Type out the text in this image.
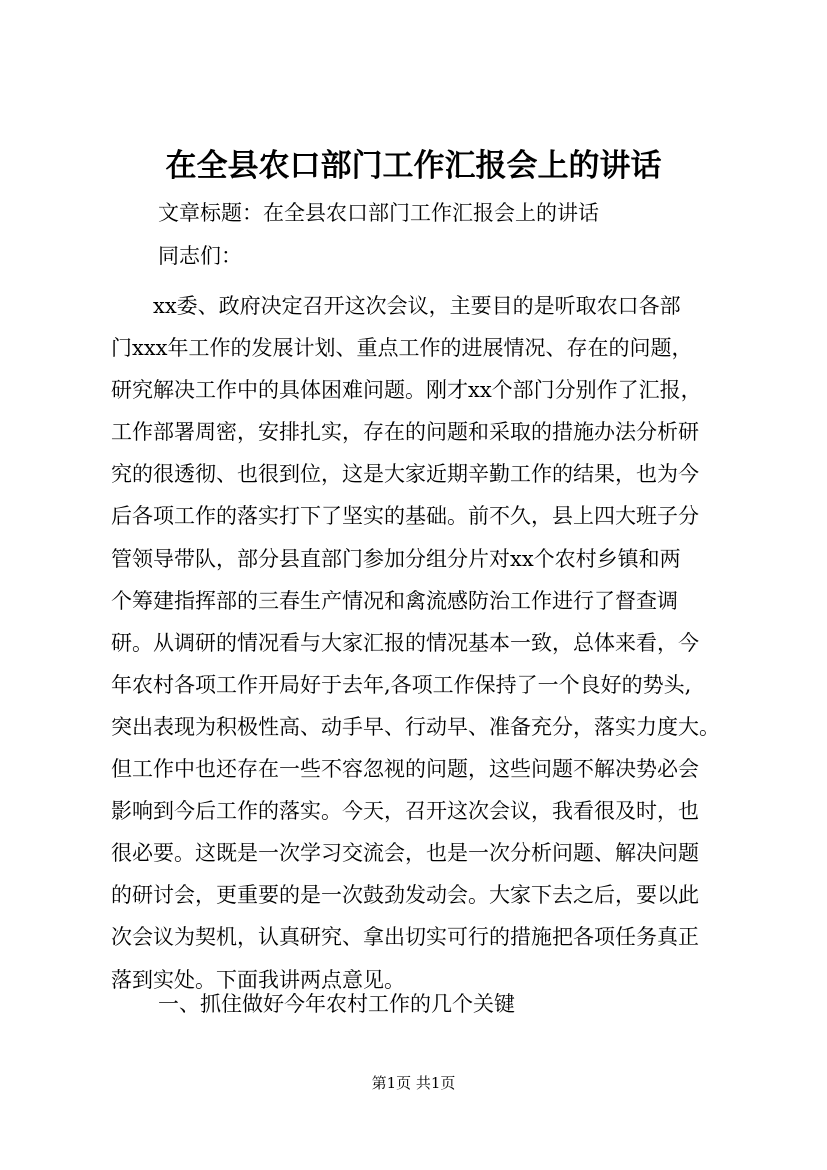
在全县农口部门工作汇报会上的讲话
文章标题：在全县农口部门工作汇报会上的讲话
同志们：
xx委、政府决定召开这次会议，主要目的是听取农口各部
门xxx年工作的发展计划、重点工作的进展情况、存在的问题，
研究解决工作中的具体困难问题。刚才xx个部门分别作了汇报，
工作部署周密，安排扎实，存在的问题和采取的措施办法分析研
究的很透彻、也很到位，这是大家近期辛勤工作的结果，也为今
后各项工作的落实打下了坚实的基础。前不久，县上四大班子分
管领导带队，部分县直部门参加分组分片对xx个农村乡镇和两
个筹建指挥部的三春生产情况和禽流感防治工作进行了督查调
研。从调研的情况看与大家汇报的情况基本一致，总体来看，今
年农村各项工作开局好于去年,各项工作保持了一个良好的势头,
突出表现为积极性高、动手早、行动早、准备充分，落实力度大。
但工作中也还存在一些不容忽视的问题，这些问题不解决势必会
影响到今后工作的落实。今天，召开这次会议，我看很及时，也
很必要。这既是一次学习交流会，也是一次分析问题、解决问题
的研讨会，更重要的是一次鼓劲发动会。大家下去之后，要以此
次会议为契机，认真研究、拿出切实可行的措施把各项任务真正
落到实处。下面我讲两点意见。
一、抓住做好今年农村工作的几个关键
第1页 共1页
